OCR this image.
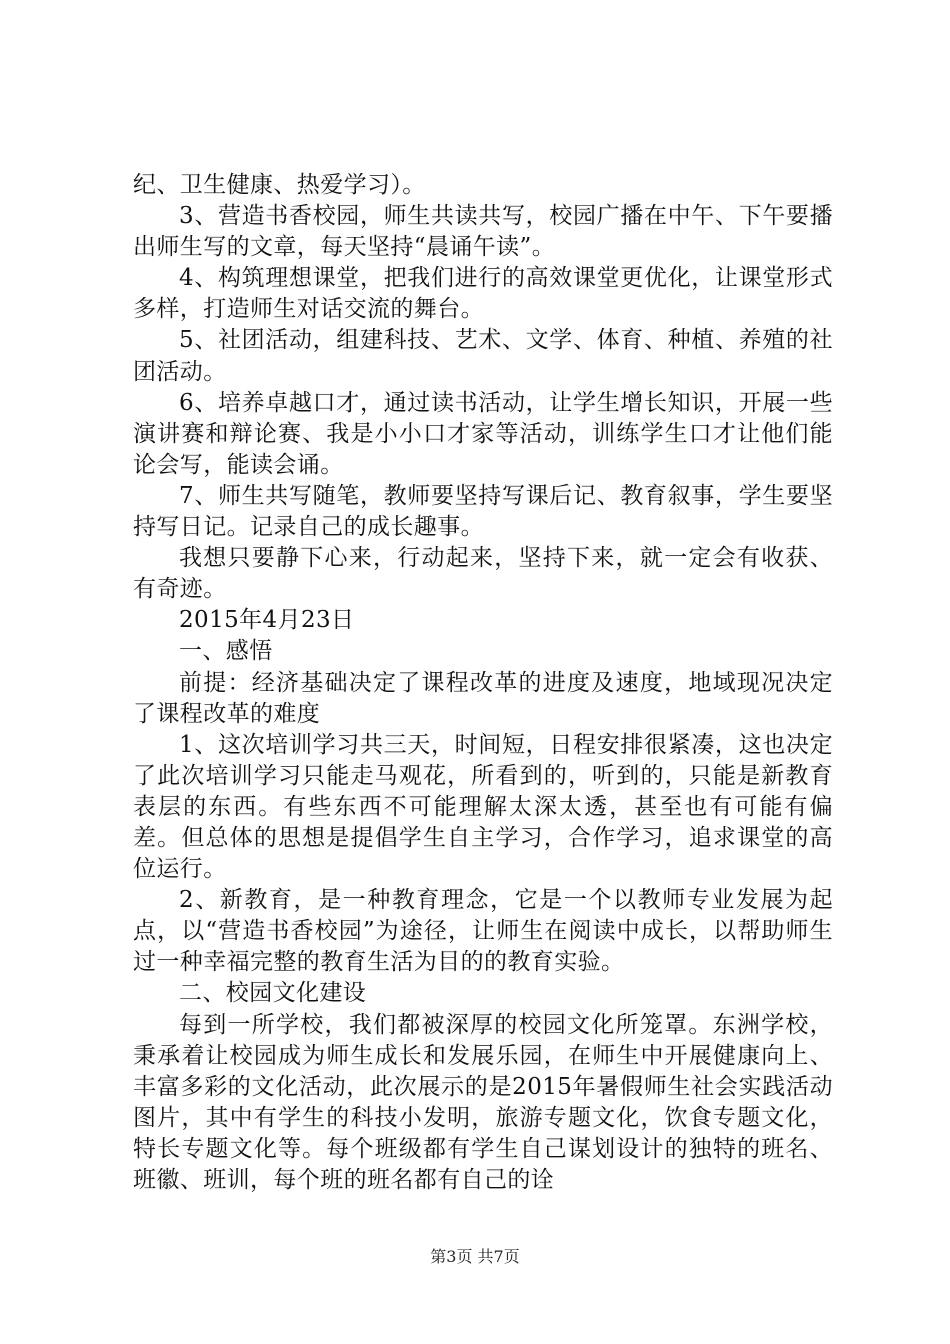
纪、卫生健康、热爱学习）。

3、营造书香校园，师生共读共写，校园广播在中午、下午要播出师生写的文章，每天坚持“晨诵午读”。

4、构筑理想课堂，把我们进行的高效课堂更优化，让课堂形式多样，打造师生对话交流的舞台。

5、社团活动，组建科技、艺术、文学、体育、种植、养殖的社团活动。

6、培养卓越口才，通过读书活动，让学生增长知识，开展一些演讲赛和辩论赛、我是小小口才家等活动，训练学生口才让他们能论会写，能读会诵。

7、师生共写随笔，教师要坚持写课后记、教育叙事，学生要坚持写日记。记录自己的成长趣事。

我想只要静下心来，行动起来，坚持下来，就一定会有收获、有奇迹。

2015年4月23日

一、感悟

前提：经济基础决定了课程改革的进度及速度，地域现况决定了课程改革的难度

1、这次培训学习共三天，时间短，日程安排很紧凑，这也决定了此次培训学习只能走马观花，所看到的，听到的，只能是新教育表层的东西。有些东西不可能理解太深太透，甚至也有可能有偏差。但总体的思想是提倡学生自主学习，合作学习，追求课堂的高位运行。

2、新教育，是一种教育理念，它是一个以教师专业发展为起点，以“营造书香校园”为途径，让师生在阅读中成长，以帮助师生过一种幸福完整的教育生活为目的的教育实验。

二、校园文化建设

每到一所学校，我们都被深厚的校园文化所笼罩。东洲学校，秉承着让校园成为师生成长和发展乐园，在师生中开展健康向上、丰富多彩的文化活动，此次展示的是2015年暑假师生社会实践活动图片，其中有学生的科技小发明，旅游专题文化，饮食专题文化，特长专题文化等。每个班级都有学生自己谋划设计的独特的班名、班徽、班训，每个班的班名都有自己的诠

第3页 共7页
